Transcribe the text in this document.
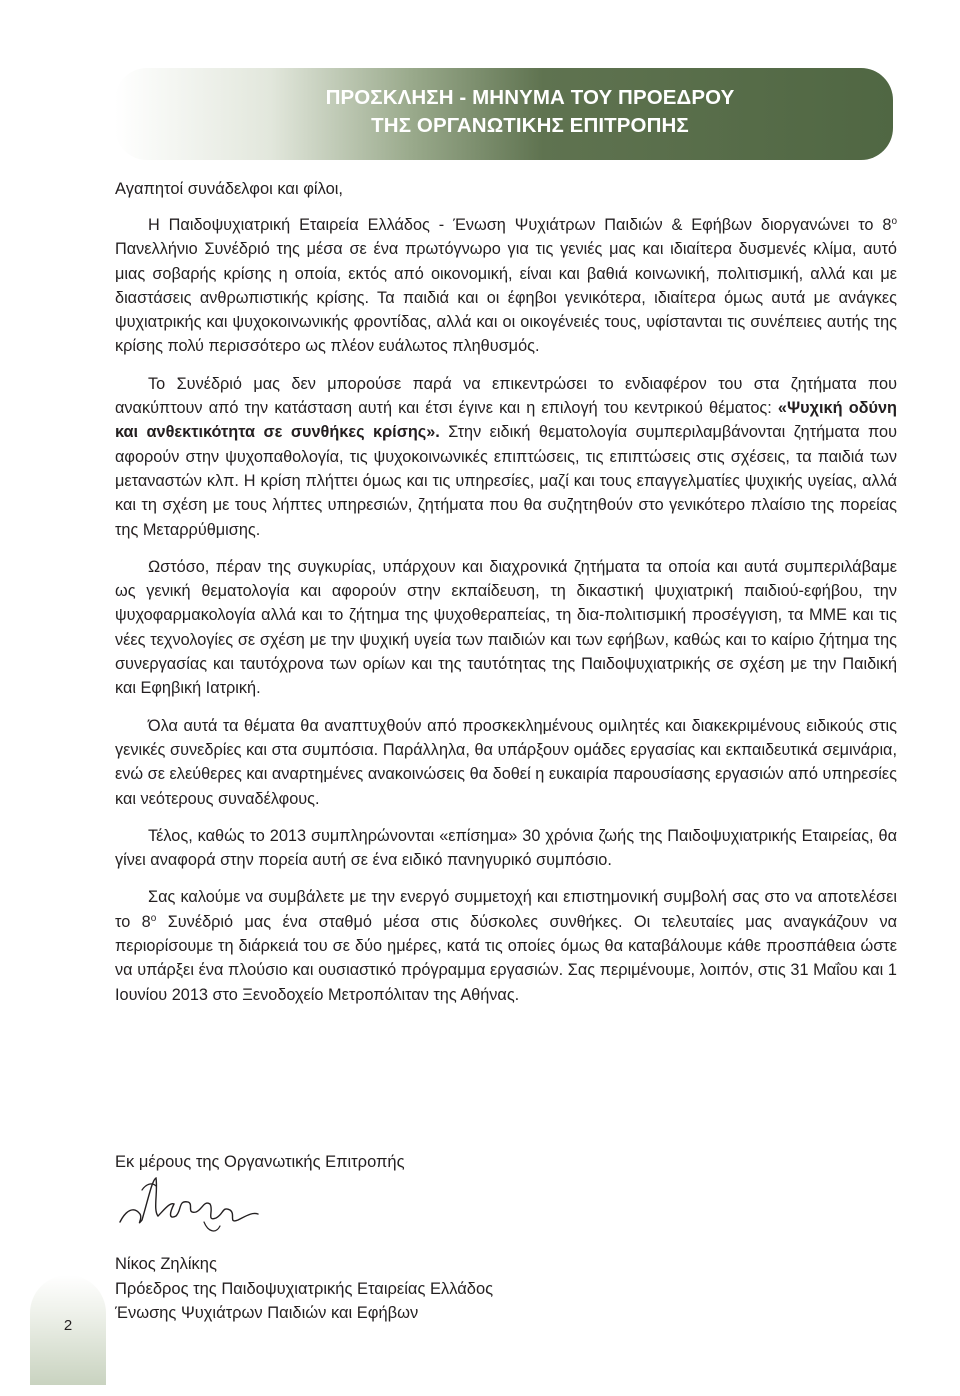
ΠΡΟΣΚΛΗΣΗ - ΜΗΝΥΜΑ ΤΟΥ ΠΡΟΕΔΡΟΥ
ΤΗΣ ΟΡΓΑΝΩΤΙΚΗΣ ΕΠΙΤΡΟΠΗΣ
Αγαπητοί συνάδελφοι και φίλοι,

Η Παιδοψυχιατρική Εταιρεία Ελλάδος - Ένωση Ψυχιάτρων Παιδιών & Εφήβων διοργανώνει το $8^o$ Πανελλήνιο Συνέδριό της μέσα σε ένα πρωτόγνωρο για τις γενιές μας και ιδιαίτερα δυσμενές κλίμα, αυτό μιας σοβαρής κρίσης η οποία, εκτός από οικονομική, είναι και βαθιά κοινωνική, πολιτισμική, αλλά και με διαστάσεις ανθρωπιστικής κρίσης. Τα παιδιά και οι έφηβοι γενικότερα, ιδιαίτερα όμως αυτά με ανάγκες ψυχιατρικής και ψυχοκοινωνικής φροντίδας, αλλά και οι οικογένειές τους, υφίστανται τις συνέπειες αυτής της κρίσης πολύ περισσότερο ως πλέον ευάλωτος πληθυσμός.

Το Συνέδριό μας δεν μπορούσε παρά να επικεντρώσει το ενδιαφέρον του στα ζητήματα που ανακύπτουν από την κατάσταση αυτή και έτσι έγινε και η επιλογή του κεντρικού θέματος: «Ψυχική οδύνη και ανθεκτικότητα σε συνθήκες κρίσης». Στην ειδική θεματολογία συμπεριλαμβάνονται ζητήματα που αφορούν στην ψυχοπαθολογία, τις ψυχοκοινωνικές επιπτώσεις, τις επιπτώσεις στις σχέσεις, τα παιδιά των μεταναστών κλπ. Η κρίση πλήττει όμως και τις υπηρεσίες, μαζί και τους επαγγελματίες ψυχικής υγείας, αλλά και τη σχέση με τους λήπτες υπηρεσιών, ζητήματα που θα συζητηθούν στο γενικότερο πλαίσιο της πορείας της Μεταρρύθμισης.

Ωστόσο, πέραν της συγκυρίας, υπάρχουν και διαχρονικά ζητήματα τα οποία και αυτά συμπεριλάβαμε ως γενική θεματολογία και αφορούν στην εκπαίδευση, τη δικαστική ψυχιατρική παιδιού-εφήβου, την ψυχοφαρμακολογία αλλά και το ζήτημα της ψυχοθεραπείας, τη δια-πολιτισμική προσέγγιση, τα ΜΜΕ και τις νέες τεχνολογίες σε σχέση με την ψυχική υγεία των παιδιών και των εφήβων, καθώς και το καίριο ζήτημα της συνεργασίας και ταυτόχρονα των ορίων και της ταυτότητας της Παιδοψυχιατρικής σε σχέση με την Παιδική και Εφηβική Ιατρική.

Όλα αυτά τα θέματα θα αναπτυχθούν από προσκεκλημένους ομιλητές και διακεκριμένους ειδικούς στις γενικές συνεδρίες και στα συμπόσια. Παράλληλα, θα υπάρξουν ομάδες εργασίας και εκπαιδευτικά σεμινάρια, ενώ σε ελεύθερες και αναρτημένες ανακοινώσεις θα δοθεί η ευκαιρία παρουσίασης εργασιών από υπηρεσίες και νεότερους συναδέλφους.

Τέλος, καθώς το 2013 συμπληρώνονται «επίσημα» 30 χρόνια ζωής της Παιδοψυχιατρικής Εταιρείας, θα γίνει αναφορά στην πορεία αυτή σε ένα ειδικό πανηγυρικό συμπόσιο.

Σας καλούμε να συμβάλετε με την ενεργό συμμετοχή και επιστημονική συμβολή σας στο να αποτελέσει το $8^o$ Συνέδριό μας ένα σταθμό μέσα στις δύσκολες συνθήκες. Οι τελευταίες μας αναγκάζουν να περιορίσουμε τη διάρκειά του σε δύο ημέρες, κατά τις οποίες όμως θα καταβάλουμε κάθε προσπάθεια ώστε να υπάρξει ένα πλούσιο και ουσιαστικό πρόγραμμα εργασιών. Σας περιμένουμε, λοιπόν, στις 31 Μαΐου και 1 Ιουνίου 2013 στο Ξενοδοχείο Μετροπόλιταν της Αθήνας.

Εκ μέρους της Οργανωτικής Επιτροπής
Νίκος Ζηλίκης
Πρόεδρος της Παιδοψυχιατρικής Εταιρείας Ελλάδος
Ένωσης Ψυχιάτρων Παιδιών και Εφήβων
2
